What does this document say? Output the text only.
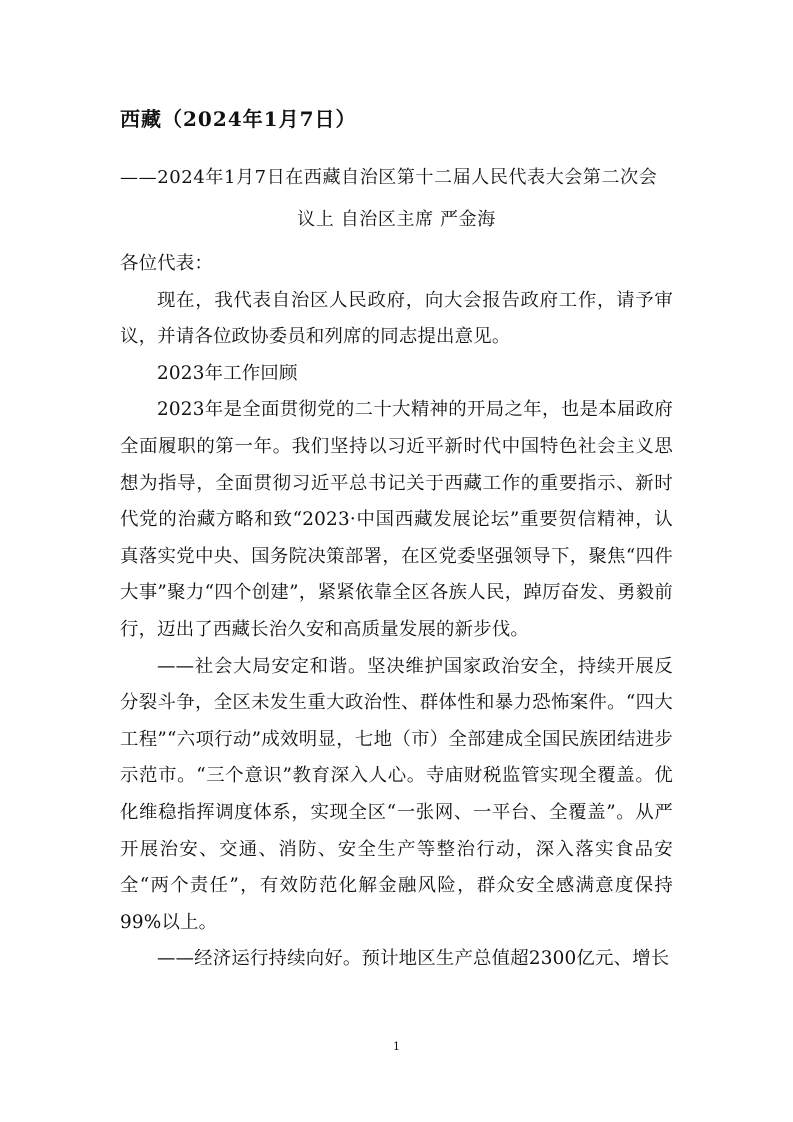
西藏（2024年1月7日）
——2024年1月7日在西藏自治区第十二届人民代表大会第二次会
议上 自治区主席 严金海

各位代表：

现在，我代表自治区人民政府，向大会报告政府工作，请予审议，并请各位政协委员和列席的同志提出意见。

2023年工作回顾

2023年是全面贯彻党的二十大精神的开局之年，也是本届政府全面履职的第一年。我们坚持以习近平新时代中国特色社会主义思想为指导，全面贯彻习近平总书记关于西藏工作的重要指示、新时代党的治藏方略和致“2023·中国西藏发展论坛”重要贺信精神，认真落实党中央、国务院决策部署，在区党委坚强领导下，聚焦“四件大事”聚力“四个创建”，紧紧依靠全区各族人民，踔厉奋发、勇毅前行，迈出了西藏长治久安和高质量发展的新步伐。

——社会大局安定和谐。坚决维护国家政治安全，持续开展反分裂斗争，全区未发生重大政治性、群体性和暴力恐怖案件。“四大工程”“六项行动”成效明显，七地（市）全部建成全国民族团结进步示范市。“三个意识”教育深入人心。寺庙财税监管实现全覆盖。优化维稳指挥调度体系，实现全区“一张网、一平台、全覆盖”。从严开展治安、交通、消防、安全生产等整治行动，深入落实食品安全“两个责任”，有效防范化解金融风险，群众安全感满意度保持99%以上。

——经济运行持续向好。预计地区生产总值超2300亿元、增长

1
